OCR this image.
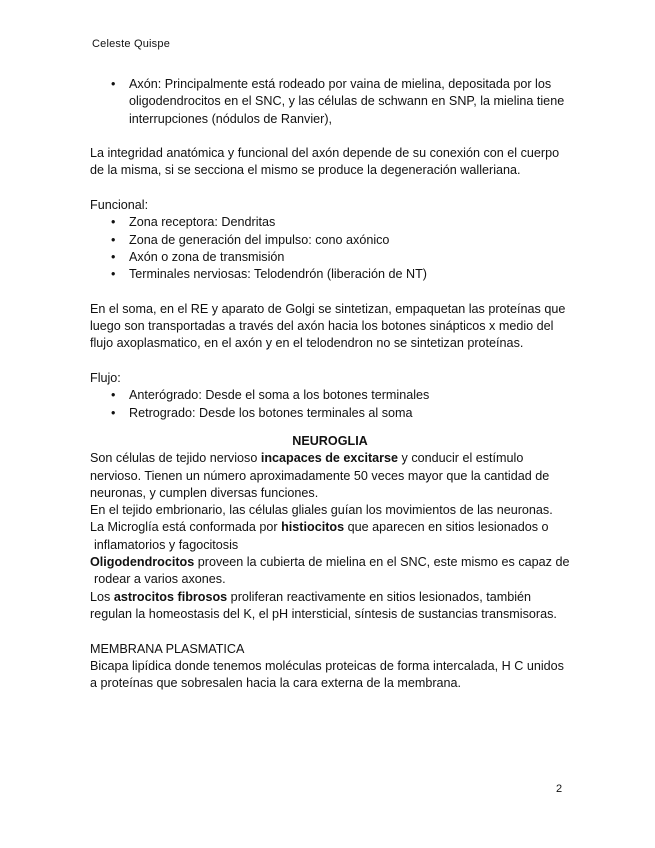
Celeste Quispe
• Axón: Principalmente está rodeado por vaina de mielina, depositada por los oligodendrocitos en el SNC, y las células de schwann en SNP, la mielina tiene interrupciones (nódulos de Ranvier),

La integridad anatómica y funcional del axón depende de su conexión con el cuerpo de la misma, si se secciona el mismo se produce la degeneración walleriana.

Funcional:

• Zona receptora: Dendritas
• Zona de generación del impulso: cono axónico
• Axón o zona de transmisión
• Terminales nerviosas: Telodendrón (liberación de NT)

En el soma, en el RE y aparato de Golgi se sintetizan, empaquetan las proteínas que luego son transportadas a través del axón hacia los botones sinápticos x medio del flujo axoplasmatico, en el axón y en el telodendron no se sintetizan proteínas.

Flujo:

• Anterógrado: Desde el soma a los botones terminales
• Retrogrado: Desde los botones terminales al soma

NEUROGLIA

Son células de tejido nervioso incapaces de excitarse y conducir el estímulo nervioso. Tienen un número aproximadamente 50 veces mayor que la cantidad de neuronas, y cumplen diversas funciones.

En el tejido embrionario, las células gliales guían los movimientos de las neuronas.

La Microglía está conformada por histiocitos que aparecen en sitios lesionados o

inflamatorios y fagocitosis

Oligodendrocitos proveen la cubierta de mielina en el SNC, este mismo es capaz de

rodear a varios axones.

Los astrocitos fibrosos proliferan reactivamente en sitios lesionados, también regulan la homeostasis del K, el pH intersticial, síntesis de sustancias transmisoras.

MEMBRANA PLASMATICA

Bicapa lipídica donde tenemos moléculas proteicas de forma intercalada, H C unidos a proteínas que sobresalen hacia la cara externa de la membrana.

2
